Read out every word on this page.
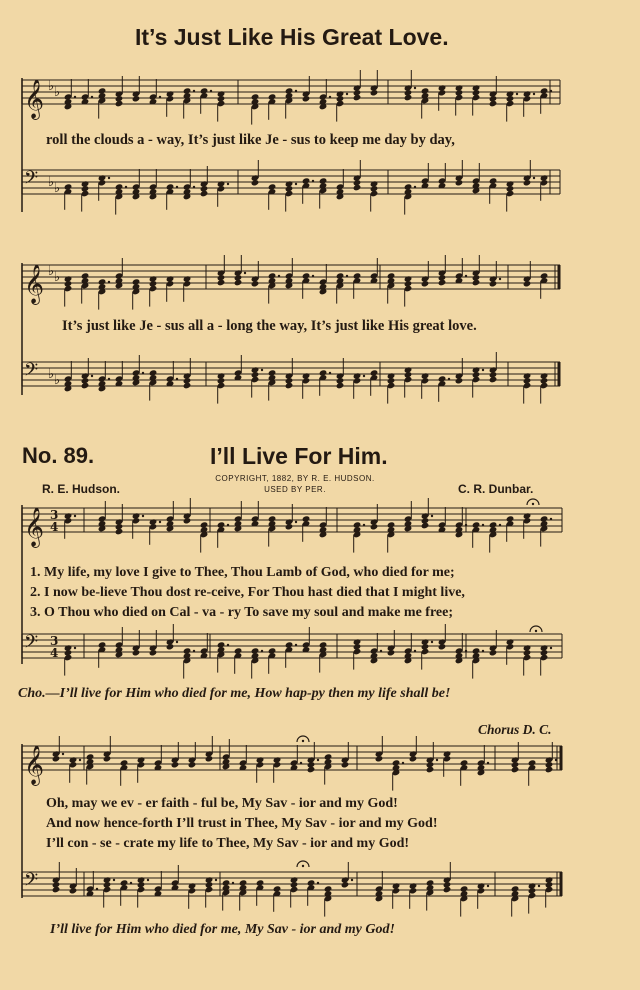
𝄞 ♭ ♭
𝄢 ♭ ♭
𝄞 ♭ ♭
𝄢 ♭ ♭
𝄞 3
4
𝄢 3
4
𝄞
𝄢
It’s Just Like His Great Love.
roll the clouds a - way, It’s just like Je - sus to keep me day by day,
It’s just like Je - sus all a - long the way, It’s just like His great love.
No. 89.	I’ll Live For Him.
COPYRIGHT, 1882, BY R. E. HUDSON.
USED BY PER.
R. E. Hudson.	C. R. Dunbar.
1. My life, my love I give to Thee, Thou Lamb of God, who died for me;
2. I now be-lieve Thou dost re-ceive, For Thou hast died that I might live,
3. O Thou who died on Cal - va - ry To save my soul and make me free;
Cho.—I’ll live for Him who died for me, How hap-py then my life shall be!
Chorus D. C.
Oh, may we ev - er faith - ful be, My Sav - ior and my God!
And now hence-forth I’ll trust in Thee, My Sav - ior and my God!
I’ll con - se - crate my life to Thee, My Sav - ior and my God!
I’ll live for Him who died for me, My Sav - ior and my God!
